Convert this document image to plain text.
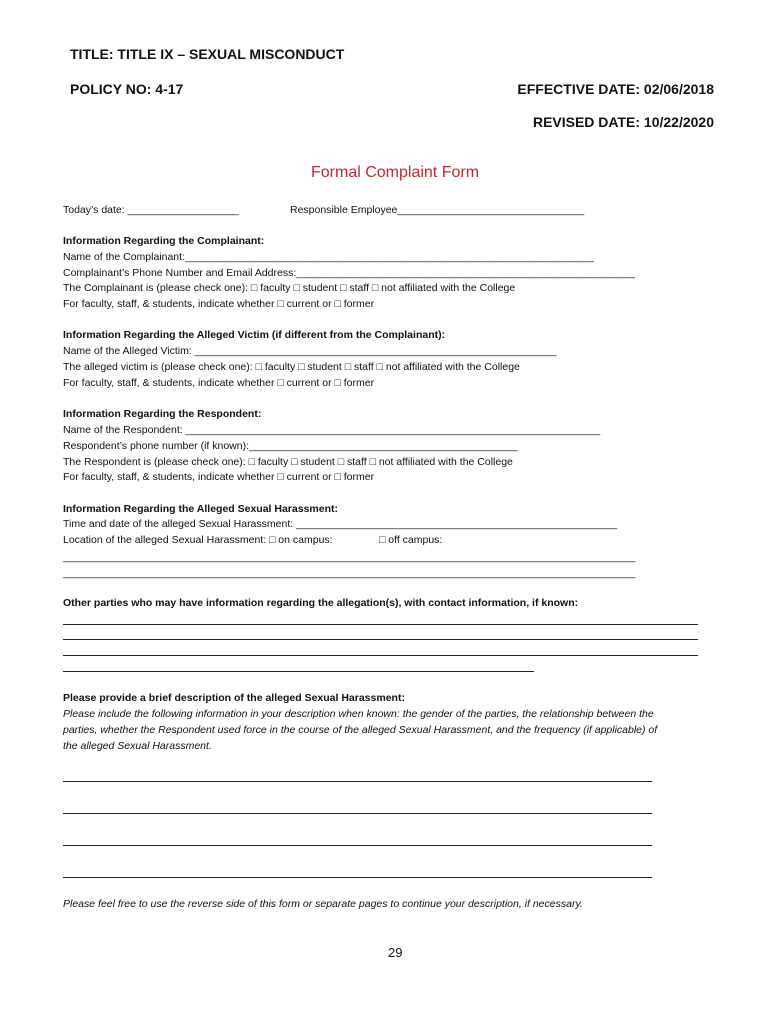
TITLE: TITLE IX – SEXUAL MISCONDUCT
POLICY NO: 4-17	EFFECTIVE DATE: 02/06/2018
REVISED DATE: 10/22/2020
Formal Complaint Form
Today’s date: ___________________	Responsible Employee________________________________
Information Regarding the Complainant:
Name of the Complainant:______________________________________________________________________
Complainant’s Phone Number and Email Address:__________________________________________________________
The Complainant is (please check one): □ faculty □ student □ staff □ not affiliated with the College
For faculty, staff, & students, indicate whether □ current or □ former
Information Regarding the Alleged Victim (if different from the Complainant):
Name of the Alleged Victim: ______________________________________________________________
The alleged victim is (please check one): □ faculty □ student □ staff □ not affiliated with the College
For faculty, staff, & students, indicate whether □ current or □ former
Information Regarding the Respondent:
Name of the Respondent: _______________________________________________________________________
Respondent’s phone number (if known):______________________________________________
The Respondent is (please check one): □ faculty □ student □ staff □ not affiliated with the College
For faculty, staff, & students, indicate whether □ current or □ former
Information Regarding the Alleged Sexual Harassment:
Time and date of the alleged Sexual Harassment: _______________________________________________________
Location of the alleged Sexual Harassment: □ on campus:	□ off campus:
__________________________________________________________________________________________________
__________________________________________________________________________________________________
Other parties who may have information regarding the allegation(s), with contact information, if known:
Please provide a brief description of the alleged Sexual Harassment:
Please include the following information in your description when known: the gender of the parties, the relationship between the
parties, whether the Respondent used force in the course of the alleged Sexual Harassment, and the frequency (if applicable) of
the alleged Sexual Harassment.
Please feel free to use the reverse side of this form or separate pages to continue your description, if necessary.
29
